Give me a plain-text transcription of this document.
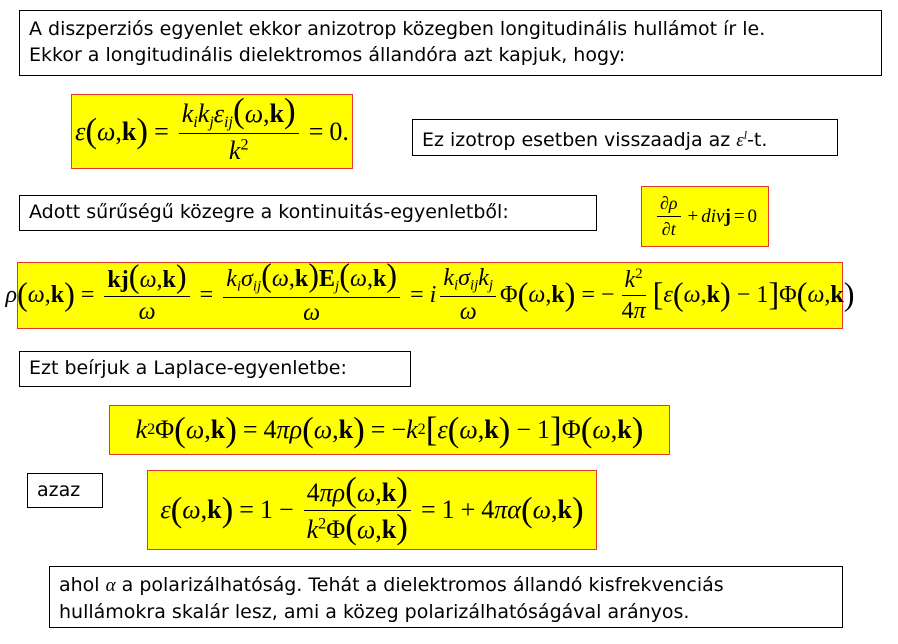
A diszperziós egyenlet ekkor anizotrop közegben longitudinális hullámot ír le.
Ekkor a longitudinális dielektromos állandóra azt kapjuk, hogy:
ε ( ω , k ) = $\frac{k_ik_j\varepsilon_{ij}(\omega,k)}{k^2} = 0$.	Ez izotrop esetben visszaadja az $\varepsilon^l-t$.
Adott sűrűségű közegre a kontinuitás-egyenletből:	$\frac{\partial\rho}{\partial t}$ + div j = 0
ρ ( ω , k ) = $\frac{kj(\omega,k)}{\omega} = \frac{k_i\sigma_{ij}(\omega,k)E_j(\omega,k)}{\omega} = i \frac{k_i\sigma_{ij}k_j}{\omega}$ Φ ( ω , k ) = − $\frac{k^2}{4\pi}$ [ ε ( ω , k ) − 1 ] Φ ( ω , k )
Ezt beírjuk a Laplace-egyenletbe:
k 2 Φ ( ω , k ) = 4 πρ ( ω , k ) = − k 2 [ ε ( ω , k ) − 1 ] Φ ( ω , k )
azaz
ε ( ω , k ) = $1 - \frac{4\pi\rho(\omega,k)}{k^2\Phi(\omega,k)} = 1 + 4$ πα ( ω , k )
ahol α a polarizálhatóság. Tehát a dielektromos állandó kisfrekvenciás
hullámokra skalár lesz, ami a közeg polarizálhatóságával arányos.
